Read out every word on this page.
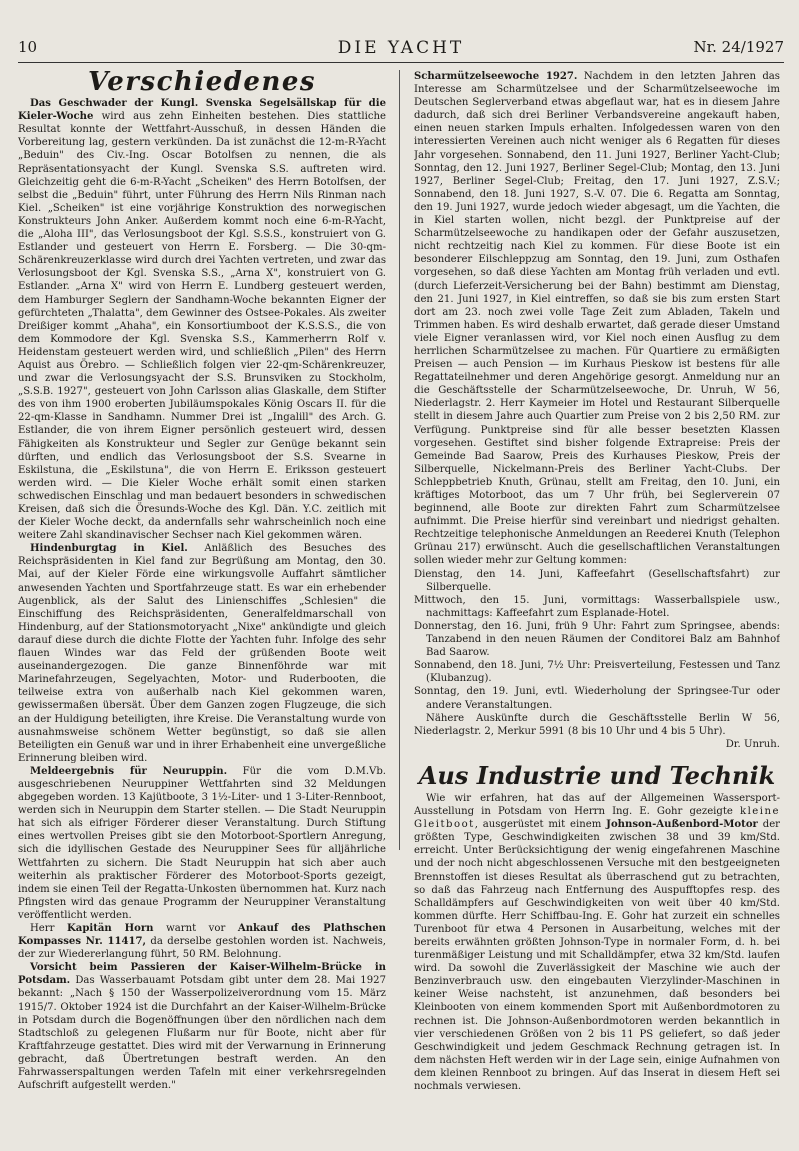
10	DIE YACHT	Nr. 24/1927
Verschiedenes

Das Geschwader der Kungl. Svenska Segelsällskap für die Kieler-Woche wird aus zehn Einheiten bestehen. Dies stattliche Resultat konnte der Wettfahrt-Ausschuß, in dessen Händen die Vorbereitung lag, gestern verkünden. Da ist zunächst die 12-m-R-Yacht „Beduin" des Civ.-Ing. Oscar Botolfsen zu nennen, die als Repräsentationsyacht der Kungl. Svenska S.S. auftreten wird. Gleichzeitig geht die 6-m-R-Yacht „Scheiken" des Herrn Botolfsen, der selbst die „Beduin" führt, unter Führung des Herrn Nils Rinman nach Kiel. „Scheiken" ist eine vorjährige Konstruktion des norwegischen Konstrukteurs John Anker. Außerdem kommt noch eine 6-m-R-Yacht, die „Aloha III", das Verlosungsboot der Kgl. S.S.S., konstruiert von G. Estlander und gesteuert von Herrn E. Forsberg. — Die 30-qm-Schärenkreuzerklasse wird durch drei Yachten vertreten, und zwar das Verlosungsboot der Kgl. Svenska S.S., „Arna X", konstruiert von G. Estlander. „Arna X" wird von Herrn E. Lundberg gesteuert werden, dem Hamburger Seglern der Sandhamn-Woche bekannten Eigner der gefürchteten „Thalatta", dem Gewinner des Ostsee-Pokales. Als zweiter Dreißiger kommt „Ahaha", ein Konsortiumboot der K.S.S.S., die von dem Kommodore der Kgl. Svenska S.S., Kammerherrn Rolf v. Heidenstam gesteuert werden wird, und schließlich „Pilen" des Herrn Aquist aus Örebro. — Schließlich folgen vier 22-qm-Schärenkreuzer, und zwar die Verlosungsyacht der S.S. Brunsviken zu Stockholm, „S.S.B. 1927", gesteuert von John Carlsson alias Glaskalle, dem Stifter des von ihm 1900 eroberten Jubiläumspokales König Oscars II. für die 22-qm-Klasse in Sandhamn. Nummer Drei ist „Ingalill" des Arch. G. Estlander, die von ihrem Eigner persönlich gesteuert wird, dessen Fähigkeiten als Konstrukteur und Segler zur Genüge bekannt sein dürften, und endlich das Verlosungsboot der S.S. Svearne in Eskilstuna, die „Eskilstuna", die von Herrn E. Eriksson gesteuert werden wird. — Die Kieler Woche erhält somit einen starken schwedischen Einschlag und man bedauert besonders in schwedischen Kreisen, daß sich die Öresunds-Woche des Kgl. Dän. Y.C. zeitlich mit der Kieler Woche deckt, da andernfalls sehr wahrscheinlich noch eine weitere Zahl skandinavischer Sechser nach Kiel gekommen wären.

Hindenburgtag in Kiel. Anläßlich des Besuches des Reichspräsidenten in Kiel fand zur Begrüßung am Montag, den 30. Mai, auf der Kieler Förde eine wirkungsvolle Auffahrt sämtlicher anwesenden Yachten und Sportfahrzeuge statt. Es war ein erhebender Augenblick, als der Salut des Linienschiffes „Schlesien" die Einschiffung des Reichspräsidenten, Generalfeldmarschall von Hindenburg, auf der Stationsmotoryacht „Nixe" ankündigte und gleich darauf diese durch die dichte Flotte der Yachten fuhr. Infolge des sehr flauen Windes war das Feld der grüßenden Boote weit auseinandergezogen. Die ganze Binnenföhrde war mit Marinefahrzeugen, Segelyachten, Motor- und Ruderbooten, die teilweise extra von außerhalb nach Kiel gekommen waren, gewissermaßen übersät. Über dem Ganzen zogen Flugzeuge, die sich an der Huldigung beteiligten, ihre Kreise. Die Veranstaltung wurde von ausnahmsweise schönem Wetter begünstigt, so daß sie allen Beteiligten ein Genuß war und in ihrer Erhabenheit eine unvergeßliche Erinnerung bleiben wird.

Meldeergebnis für Neuruppin. Für die vom D.M.Vb. ausgeschriebenen Neuruppiner Wettfahrten sind 32 Meldungen abgegeben worden. 13 Kajütboote, 3 1½-Liter- und 1 3-Liter-Rennboot, werden sich in Neuruppin dem Starter stellen. — Die Stadt Neuruppin hat sich als eifriger Förderer dieser Veranstaltung. Durch Stiftung eines wertvollen Preises gibt sie den Motorboot-Sportlern Anregung, sich die idyllischen Gestade des Neuruppiner Sees für alljährliche Wettfahrten zu sichern. Die Stadt Neuruppin hat sich aber auch weiterhin als praktischer Förderer des Motorboot-Sports gezeigt, indem sie einen Teil der Regatta-Unkosten übernommen hat. Kurz nach Pfingsten wird das genaue Programm der Neuruppiner Veranstaltung veröffentlicht werden.

Herr Kapitän Horn warnt vor Ankauf des Plathschen Kompasses Nr. 11417, da derselbe gestohlen worden ist. Nachweis, der zur Wiedererlangung führt, 50 RM. Belohnung.

Vorsicht beim Passieren der Kaiser-Wilhelm-Brücke in Potsdam. Das Wasserbauamt Potsdam gibt unter dem 28. Mai 1927 bekannt: „Nach § 150 der Wasserpolizeiverordnung vom 15. März 1915/7. Oktober 1924 ist die Durchfahrt an der Kaiser-Wilhelm-Brücke in Potsdam durch die Bogenöffnungen über den nördlichen nach dem Stadtschloß zu gelegenen Flußarm nur für Boote, nicht aber für Kraftfahrzeuge gestattet. Dies wird mit der Verwarnung in Erinnerung gebracht, daß Übertretungen bestraft werden. An den Fahrwasserspaltungen werden Tafeln mit einer verkehrsregelnden Aufschrift aufgestellt werden."

Scharmützelseewoche 1927. Nachdem in den letzten Jahren das Interesse am Scharmützelsee und der Scharmützelseewoche im Deutschen Seglerverband etwas abgeflaut war, hat es in diesem Jahre dadurch, daß sich drei Berliner Verbandsvereine angekauft haben, einen neuen starken Impuls erhalten. Infolgedessen waren von den interessierten Vereinen auch nicht weniger als 6 Regatten für dieses Jahr vorgesehen. Sonnabend, den 11. Juni 1927, Berliner Yacht-Club; Sonntag, den 12. Juni 1927, Berliner Segel-Club; Montag, den 13. Juni 1927, Berliner Segel-Club; Freitag, den 17. Juni 1927, Z.S.V.; Sonnabend, den 18. Juni 1927, S.-V. 07. Die 6. Regatta am Sonntag, den 19. Juni 1927, wurde jedoch wieder abgesagt, um die Yachten, die in Kiel starten wollen, nicht bezgl. der Punktpreise auf der Scharmützelseewoche zu handikapen oder der Gefahr auszusetzen, nicht rechtzeitig nach Kiel zu kommen. Für diese Boote ist ein besonderer Eilschleppzug am Sonntag, den 19. Juni, zum Osthafen vorgesehen, so daß diese Yachten am Montag früh verladen und evtl. (durch Lieferzeit-Versicherung bei der Bahn) bestimmt am Dienstag, den 21. Juni 1927, in Kiel eintreffen, so daß sie bis zum ersten Start dort am 23. noch zwei volle Tage Zeit zum Abladen, Takeln und Trimmen haben. Es wird deshalb erwartet, daß gerade dieser Umstand viele Eigner veranlassen wird, vor Kiel noch einen Ausflug zu dem herrlichen Scharmützelsee zu machen. Für Quartiere zu ermäßigten Preisen — auch Pension — im Kurhaus Pieskow ist bestens für alle Regattateilnehmer und deren Angehörige gesorgt. Anmeldung nur an die Geschäftsstelle der Scharmützelseewoche, Dr. Unruh, W 56, Niederlagstr. 2. Herr Kaymeier im Hotel und Restaurant Silberquelle stellt in diesem Jahre auch Quartier zum Preise von 2 bis 2,50 RM. zur Verfügung. Punktpreise sind für alle besser besetzten Klassen vorgesehen. Gestiftet sind bisher folgende Extrapreise: Preis der Gemeinde Bad Saarow, Preis des Kurhauses Pieskow, Preis der Silberquelle, Nickelmann-Preis des Berliner Yacht-Clubs. Der Schleppbetrieb Knuth, Grünau, stellt am Freitag, den 10. Juni, ein kräftiges Motorboot, das um 7 Uhr früh, bei Seglerverein 07 beginnend, alle Boote zur direkten Fahrt zum Scharmützelsee aufnimmt. Die Preise hierfür sind vereinbart und niedrigst gehalten. Rechtzeitige telephonische Anmeldungen an Reederei Knuth (Telephon Grünau 217) erwünscht. Auch die gesellschaftlichen Veranstaltungen sollen wieder mehr zur Geltung kommen:

Dienstag, den 14. Juni, Kaffeefahrt (Gesellschaftsfahrt) zur Silberquelle.

Mittwoch, den 15. Juni, vormittags: Wasserballspiele usw., nachmittags: Kaffeefahrt zum Esplanade-Hotel.

Donnerstag, den 16. Juni, früh 9 Uhr: Fahrt zum Springsee, abends: Tanzabend in den neuen Räumen der Conditorei Balz am Bahnhof Bad Saarow.

Sonnabend, den 18. Juni, 7½ Uhr: Preisverteilung, Festessen und Tanz (Klubanzug).

Sonntag, den 19. Juni, evtl. Wiederholung der Springsee-Tur oder andere Veranstaltungen.

Nähere Auskünfte durch die Geschäftsstelle Berlin W 56, Niederlagstr. 2, Merkur 5991 (8 bis 10 Uhr und 4 bis 5 Uhr).

Dr. Unruh.

Aus Industrie und Technik

Wie wir erfahren, hat das auf der Allgemeinen Wassersport-Ausstellung in Potsdam von Herrn Ing. E. Gohr gezeigte kleine Gleitboot, ausgerüstet mit einem Johnson-Außenbord-Motor der größten Type, Geschwindigkeiten zwischen 38 und 39 km/Std. erreicht. Unter Berücksichtigung der wenig eingefahrenen Maschine und der noch nicht abgeschlossenen Versuche mit den bestgeeigneten Brennstoffen ist dieses Resultat als überraschend gut zu betrachten, so daß das Fahrzeug nach Entfernung des Auspufftopfes resp. des Schalldämpfers auf Geschwindigkeiten von weit über 40 km/Std. kommen dürfte. Herr Schiffbau-Ing. E. Gohr hat zurzeit ein schnelles Turenboot für etwa 4 Personen in Ausarbeitung, welches mit der bereits erwähnten größten Johnson-Type in normaler Form, d. h. bei turenmäßiger Leistung und mit Schalldämpfer, etwa 32 km/Std. laufen wird. Da sowohl die Zuverlässigkeit der Maschine wie auch der Benzinverbrauch usw. den eingebauten Vierzylinder-Maschinen in keiner Weise nachsteht, ist anzunehmen, daß besonders bei Kleinbooten von einem kommenden Sport mit Außenbordmotoren zu rechnen ist. Die Johnson-Außenbordmotoren werden bekanntlich in vier verschiedenen Größen von 2 bis 11 PS geliefert, so daß jeder Geschwindigkeit und jedem Geschmack Rechnung getragen ist. In dem nächsten Heft werden wir in der Lage sein, einige Aufnahmen von dem kleinen Rennboot zu bringen. Auf das Inserat in diesem Heft sei nochmals verwiesen.
